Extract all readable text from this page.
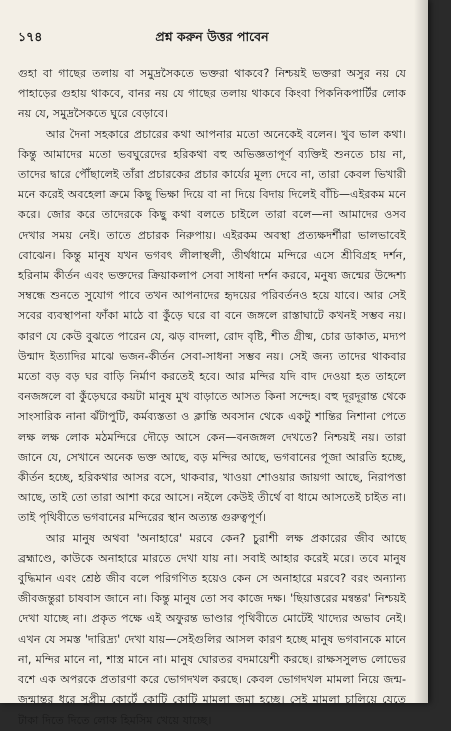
১৭৪	প্রশ্ন করুন উত্তর পাবেন

গুহা বা গাছের তলায় বা সমুদ্রসৈকতে ভক্তরা থাকবে? নিশ্চয়ই ভক্তরা অসুর নয় যে পাহাড়ের গুহায় থাকবে, বানর নয় যে গাছের তলায় থাকবে কিংবা পিকনিকপার্টির লোক নয় যে, সমুদ্রসৈকতে ঘুরে বেড়াবে।

আর দৈনা সহকারে প্রচারের কথা আপনার মতো অনেকেই বলেন। খুব ভাল কথা। কিন্তু আমাদের মতো ভবঘুরেদের হরিকথা বহু অভিজ্ঞতাপূর্ণ ব্যক্তিই শুনতে চায় না, তাদের দ্বারে পৌঁছালেই তাঁরা প্রচারকের প্রচার কার্যের মূল্য দেবে না, তারা কেবল ভিখারী মনে করেই অবহেলা ক্রমে কিছু ভিক্ষা দিয়ে বা না দিয়ে বিদায় দিলেই বাঁচি—এইরকম মনে করে। জোর করে তাদেরকে কিছু কথা বলতে চাইলে তারা বলে—না আমাদের ওসব দেখার সময় নেই। তাতে প্রচারক নিরুপায়। এইরকম অবস্থা প্রত্যক্ষদর্শীরা ভালভাবেই বোঝেন। কিন্তু মানুষ যখন ভগবৎ লীলাস্থলী, তীর্থধামে মন্দিরে এসে শ্রীবিগ্রহ দর্শন, হরিনাম কীর্তন এবং ভক্তদের ক্রিয়াকলাপ সেবা সাধনা দর্শন করবে, মনুষ্য জন্মের উদ্দেশ্য সম্বন্ধে শুনতে সুযোগ পাবে তখন আপনাদের হৃদয়ের পরিবর্তনও হয়ে যাবে। আর সেই সবের ব্যবস্থাপনা ফাঁকা মাঠে বা কুঁড়ে ঘরে বা বনে জঙ্গলে রাস্তাঘাটে কখনই সম্ভব নয়। কারণ যে কেউ বুঝতে পারেন যে, ঝড় বাদলা, রোদ বৃষ্টি, শীত গ্রীষ্ম, চোর ডাকাত, মদ্যপ উন্মাদ ইত্যাদির মাঝে ভজন-কীর্তন সেবা-সাধনা সম্ভব নয়। সেই জন্য তাদের থাকবার মতো বড় বড় ঘর বাড়ি নির্মাণ করতেই হবে। আর মন্দির যদি বাদ দেওয়া হত তাহলে বনজঙ্গলে বা কুঁড়েঘরে কয়টা মানুষ মুখ বাড়াতে আসত কিনা সন্দেহ। বহু দূরদূরান্ত থেকে সাংসারিক নানা ঝঁটাপুটি, কর্মব্যস্ততা ও ক্লান্তি অবসান থেকে একটু শান্তির নিশানা পেতে লক্ষ লক্ষ লোক মঠমন্দিরে দৌড়ে আসে কেন—বনজঙ্গল দেখতে? নিশ্চয়ই নয়। তারা জানে যে, সেখানে অনেক ভক্ত আছে, বড় মন্দির আছে, ভগবানের পূজা আরতি হচ্ছে, কীর্তন হচ্ছে, হরিকথার আসর বসে, থাকবার, খাওয়া শোওয়ার জায়গা আছে, নিরাপত্তা আছে, তাই তো তারা আশা করে আসে। নইলে কেউই তীর্থে বা ধামে আসতেই চাইত না। তাই পৃথিবীতে ভগবানের মন্দিরের স্থান অত্যন্ত গুরুত্বপূর্ণ।

আর মানুষ অথবা 'অনাহারে' মরবে কেন? চুরাশী লক্ষ প্রকারের জীব আছে ব্রহ্মাণ্ডে, কাউকে অনাহারে মারতে দেখা যায় না। সবাই আহার করেই মরে। তবে মানুষ বুদ্ধিমান এবং শ্রেষ্ঠ জীব বলে পরিগণিত হয়েও কেন সে অনাহারে মরবে? বরং অন্যান্য জীবজন্তুরা চাষবাস জানে না। কিন্তু মানুষ তো সব কাজে দক্ষ। 'ছিয়াত্তরের মন্বন্তর' নিশ্চয়ই দেখা যাচ্ছে না। প্রকৃত পক্ষে এই অফুরন্ত ভাণ্ডার পৃথিবীতে মোটেই খাদ্যের অভাব নেই। এখন যে সমস্ত 'দারিদ্র্য' দেখা যায়—সেইগুলির আসল কারণ হচ্ছে মানুষ ভগবানকে মানে না, মন্দির মানে না, শাস্ত্র মানে না। মানুষ ঘোরতর বদমায়েশী করছে। রাক্ষসসুলভ লোভের বশে এক অপরকে প্রতারণা করে ভোগদখল করছে। কেবল ভোগদখল মামলা নিয়ে জন্ম-জন্মান্তর ধরে সুপ্রীম কোর্টে কোটি কোটি মামলা জমা হচ্ছে। সেই মামলা চালিয়ে যেতে টাকা দিতে দিতে লোক হিমসিম খেয়ে যাচ্ছে।
